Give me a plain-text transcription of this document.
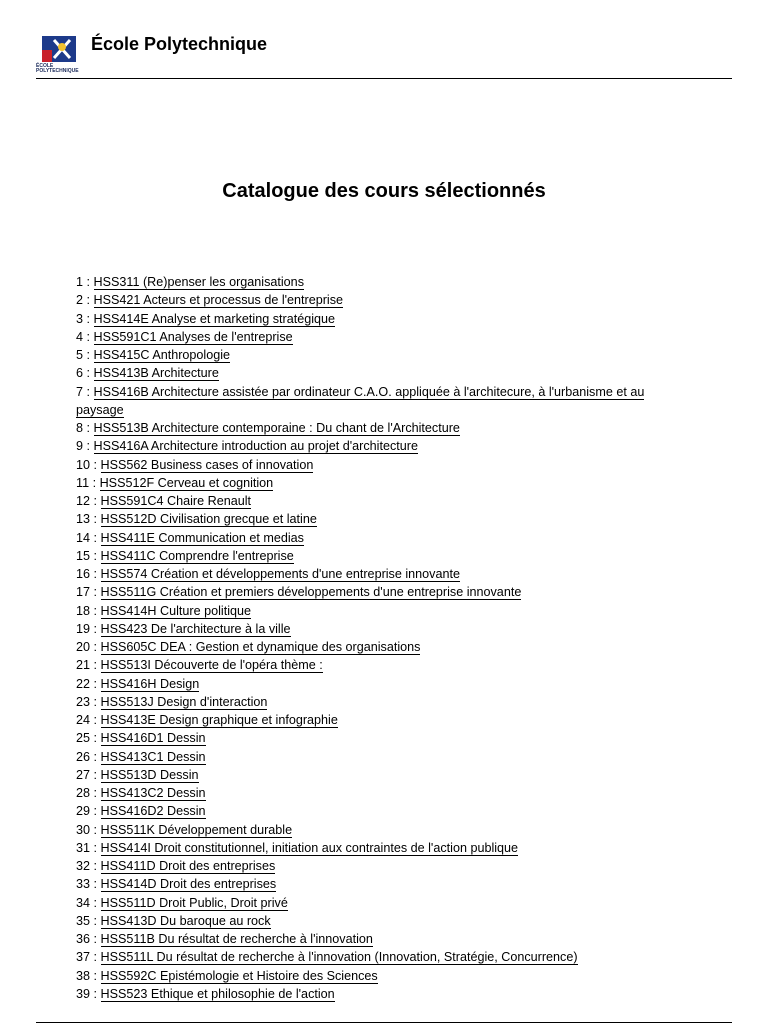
ÉCOLE
POLYTECHNIQUE
École Polytechnique
Catalogue des cours sélectionnés
1 : HSS311 (Re)penser les organisations
2 : HSS421 Acteurs et processus de l'entreprise
3 : HSS414E Analyse et marketing stratégique
4 : HSS591C1 Analyses de l'entreprise
5 : HSS415C Anthropologie
6 : HSS413B Architecture
7 : HSS416B Architecture assistée par ordinateur C.A.O. appliquée à l'architecure, à l'urbanisme et au paysage
8 : HSS513B Architecture contemporaine : Du chant de l'Architecture
9 : HSS416A Architecture introduction au projet d'architecture
10 : HSS562 Business cases of innovation
11 : HSS512F Cerveau et cognition
12 : HSS591C4 Chaire Renault
13 : HSS512D Civilisation grecque et latine
14 : HSS411E Communication et medias
15 : HSS411C Comprendre l'entreprise
16 : HSS574 Création et développements d'une entreprise innovante
17 : HSS511G Création et premiers développements d'une entreprise innovante
18 : HSS414H Culture politique
19 : HSS423 De l'architecture à la ville
20 : HSS605C DEA : Gestion et dynamique des organisations
21 : HSS513I Découverte de l'opéra thème :
22 : HSS416H Design
23 : HSS513J Design d'interaction
24 : HSS413E Design graphique et infographie
25 : HSS416D1 Dessin
26 : HSS413C1 Dessin
27 : HSS513D Dessin
28 : HSS413C2 Dessin
29 : HSS416D2 Dessin
30 : HSS511K Développement durable
31 : HSS414I Droit constitutionnel, initiation aux contraintes de l'action publique
32 : HSS411D Droit des entreprises
33 : HSS414D Droit des entreprises
34 : HSS511D Droit Public, Droit privé
35 : HSS413D Du baroque au rock
36 : HSS511B Du résultat de recherche à l'innovation
37 : HSS511L Du résultat de recherche à l'innovation (Innovation, Stratégie, Concurrence)
38 : HSS592C Epistémologie et Histoire des Sciences
39 : HSS523 Ethique et philosophie de l'action
